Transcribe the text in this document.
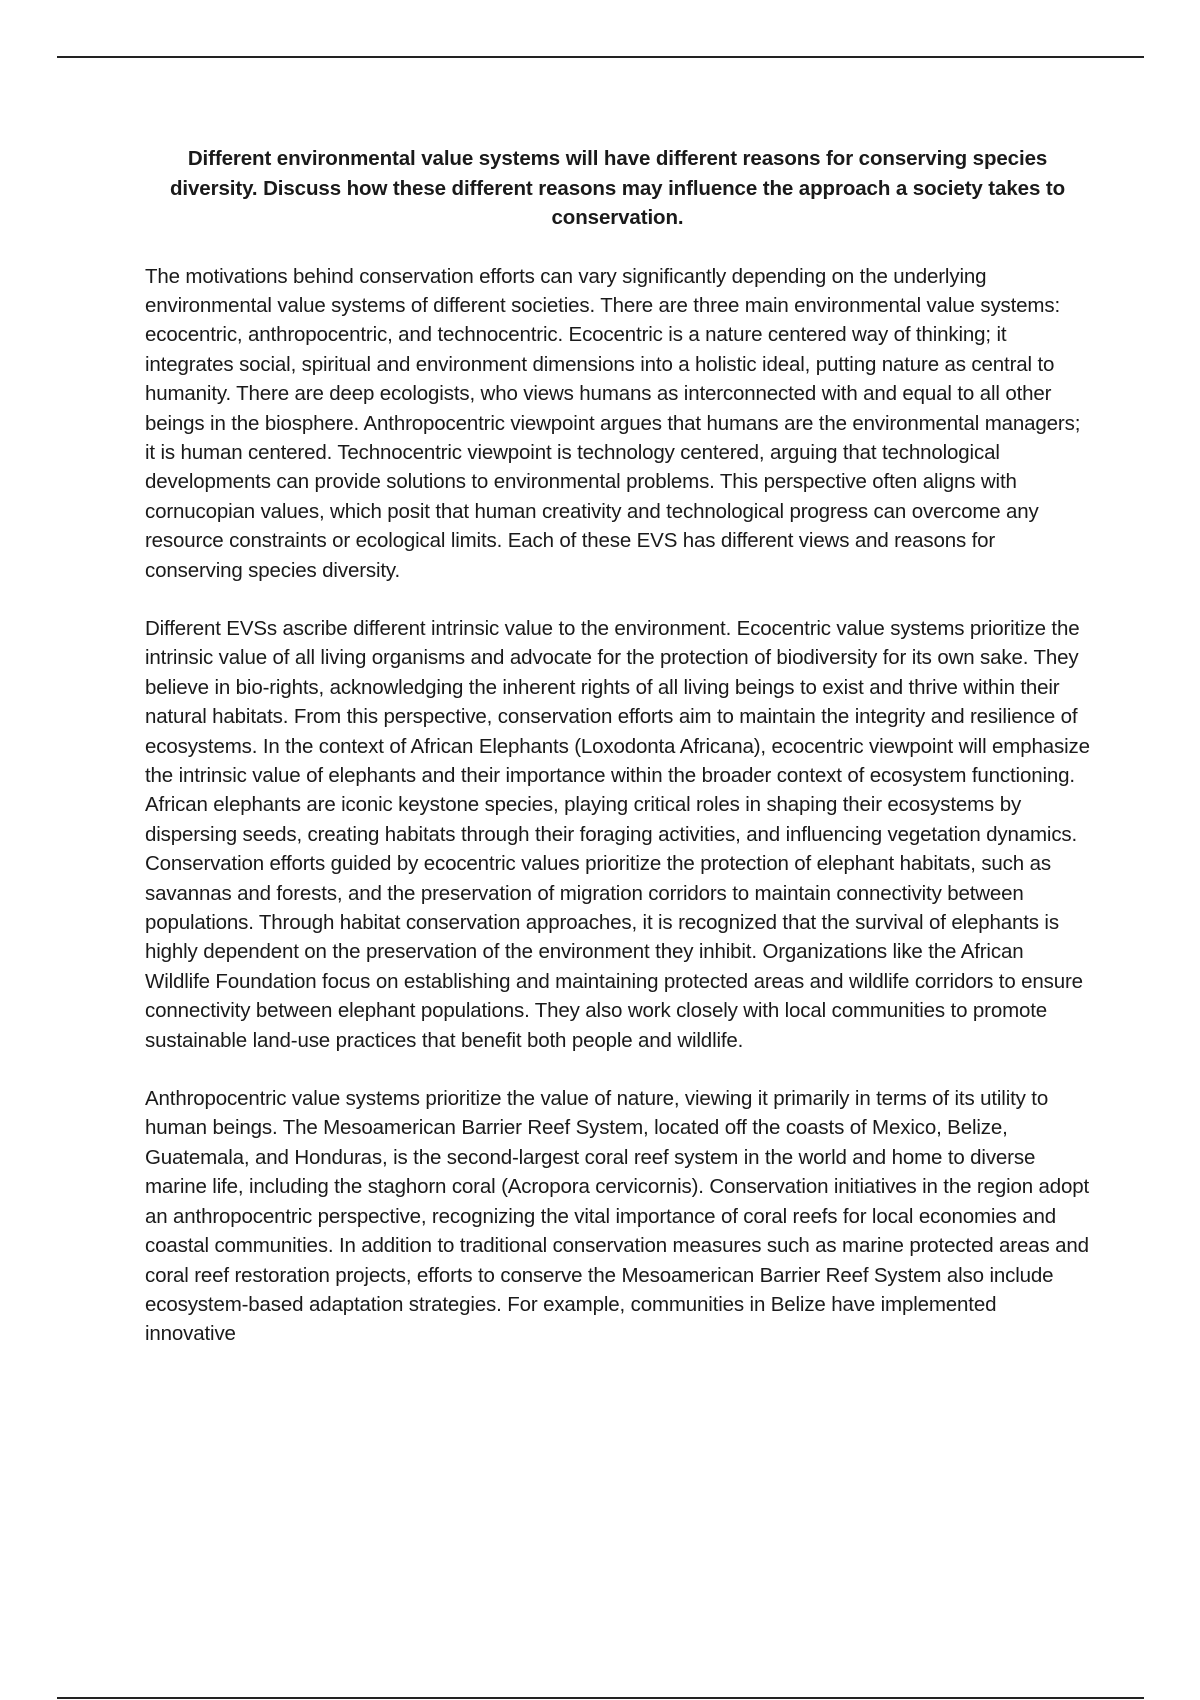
Different environmental value systems will have different reasons for conserving species diversity. Discuss how these different reasons may influence the approach a society takes to conservation.

The motivations behind conservation efforts can vary significantly depending on the underlying environmental value systems of different societies. There are three main environmental value systems: ecocentric, anthropocentric, and technocentric. Ecocentric is a nature centered way of thinking; it integrates social, spiritual and environment dimensions into a holistic ideal, putting nature as central to humanity. There are deep ecologists, who views humans as interconnected with and equal to all other beings in the biosphere. Anthropocentric viewpoint argues that humans are the environmental managers; it is human centered. Technocentric viewpoint is technology centered, arguing that technological developments can provide solutions to environmental problems. This perspective often aligns with cornucopian values, which posit that human creativity and technological progress can overcome any resource constraints or ecological limits. Each of these EVS has different views and reasons for conserving species diversity.

Different EVSs ascribe different intrinsic value to the environment. Ecocentric value systems prioritize the intrinsic value of all living organisms and advocate for the protection of biodiversity for its own sake. They believe in bio-rights, acknowledging the inherent rights of all living beings to exist and thrive within their natural habitats. From this perspective, conservation efforts aim to maintain the integrity and resilience of ecosystems. In the context of African Elephants (Loxodonta Africana), ecocentric viewpoint will emphasize the intrinsic value of elephants and their importance within the broader context of ecosystem functioning. African elephants are iconic keystone species, playing critical roles in shaping their ecosystems by dispersing seeds, creating habitats through their foraging activities, and influencing vegetation dynamics. Conservation efforts guided by ecocentric values prioritize the protection of elephant habitats, such as savannas and forests, and the preservation of migration corridors to maintain connectivity between populations. Through habitat conservation approaches, it is recognized that the survival of elephants is highly dependent on the preservation of the environment they inhibit. Organizations like the African Wildlife Foundation focus on establishing and maintaining protected areas and wildlife corridors to ensure connectivity between elephant populations. They also work closely with local communities to promote sustainable land-use practices that benefit both people and wildlife.

Anthropocentric value systems prioritize the value of nature, viewing it primarily in terms of its utility to human beings. The Mesoamerican Barrier Reef System, located off the coasts of Mexico, Belize, Guatemala, and Honduras, is the second-largest coral reef system in the world and home to diverse marine life, including the staghorn coral (Acropora cervicornis). Conservation initiatives in the region adopt an anthropocentric perspective, recognizing the vital importance of coral reefs for local economies and coastal communities. In addition to traditional conservation measures such as marine protected areas and coral reef restoration projects, efforts to conserve the Mesoamerican Barrier Reef System also include ecosystem-based adaptation strategies. For example, communities in Belize have implemented innovative
